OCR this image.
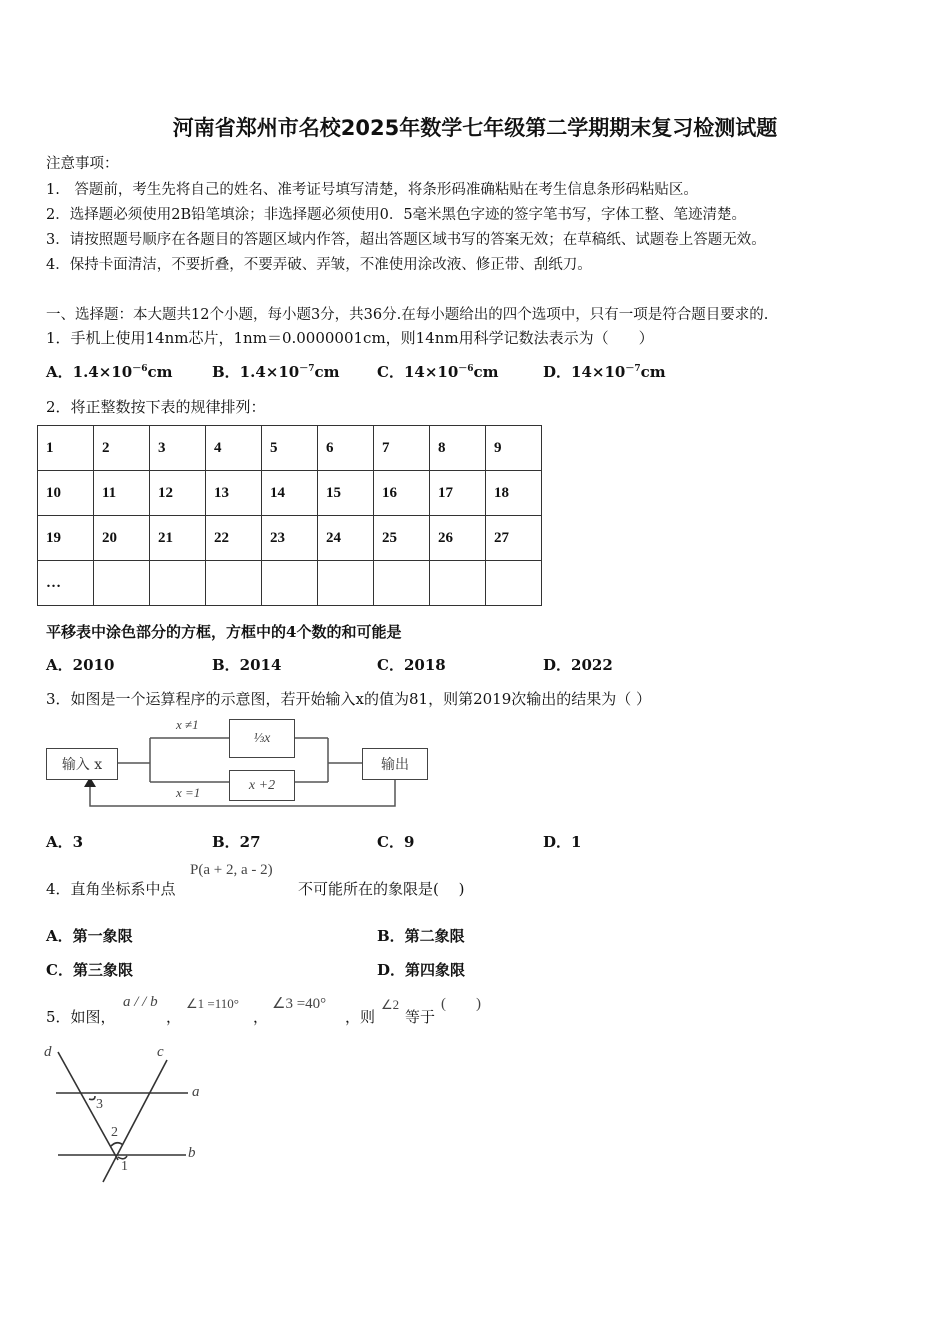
河南省郑州市名校2025年数学七年级第二学期期末复习检测试题
注意事项：
1.　答题前，考生先将自己的姓名、准考证号填写清楚，将条形码准确粘贴在考生信息条形码粘贴区。
2．选择题必须使用2B铅笔填涂；非选择题必须使用0．5毫米黑色字迹的签字笔书写，字体工整、笔迹清楚。
3．请按照题号顺序在各题目的答题区域内作答，超出答题区域书写的答案无效；在草稿纸、试题卷上答题无效。
4．保持卡面清洁，不要折叠，不要弄破、弄皱，不准使用涂改液、修正带、刮纸刀。
一、选择题：本大题共12个小题，每小题3分，共36分.在每小题给出的四个选项中，只有一项是符合题目要求的.
1．手机上使用14nm芯片，1nm＝0.0000001cm，则14nm用科学记数法表示为（　　）
A．$1.4\times 10^{-6}cm$	B．$1.4\times 10^{-7}cm$	C．$14\times 10^{-6}cm$	D．$14\times 10^{-7}cm$
2．将正整数按下表的规律排列：
1	2	3	4	5	6	7	8	9
10	11	12	13	14	15	16	17	18
19	20	21	22	23	24	25	26	27
…								
平移表中涂色部分的方框，方框中的4个数的和可能是
A．2010	B．2014	C．2018	D．2022
3．如图是一个运算程序的示意图，若开始输入x的值为81，则第2019次输出的结果为（ ）
输入 x
x ≠1
⅓x
x +2
x =1
输出
A．3	B．27	C．9	D．1
4．直角坐标系中点
P(a + 2, a - 2)
不可能所在的象限是(　 )
A．第一象限	B．第二象限
C．第三象限	D．第四象限
5．如图，
a / / b
，
∠1 =110°
，
∠3 =40°
，则
∠2
等于
(　　)
d	c
a
b
3
2
1
